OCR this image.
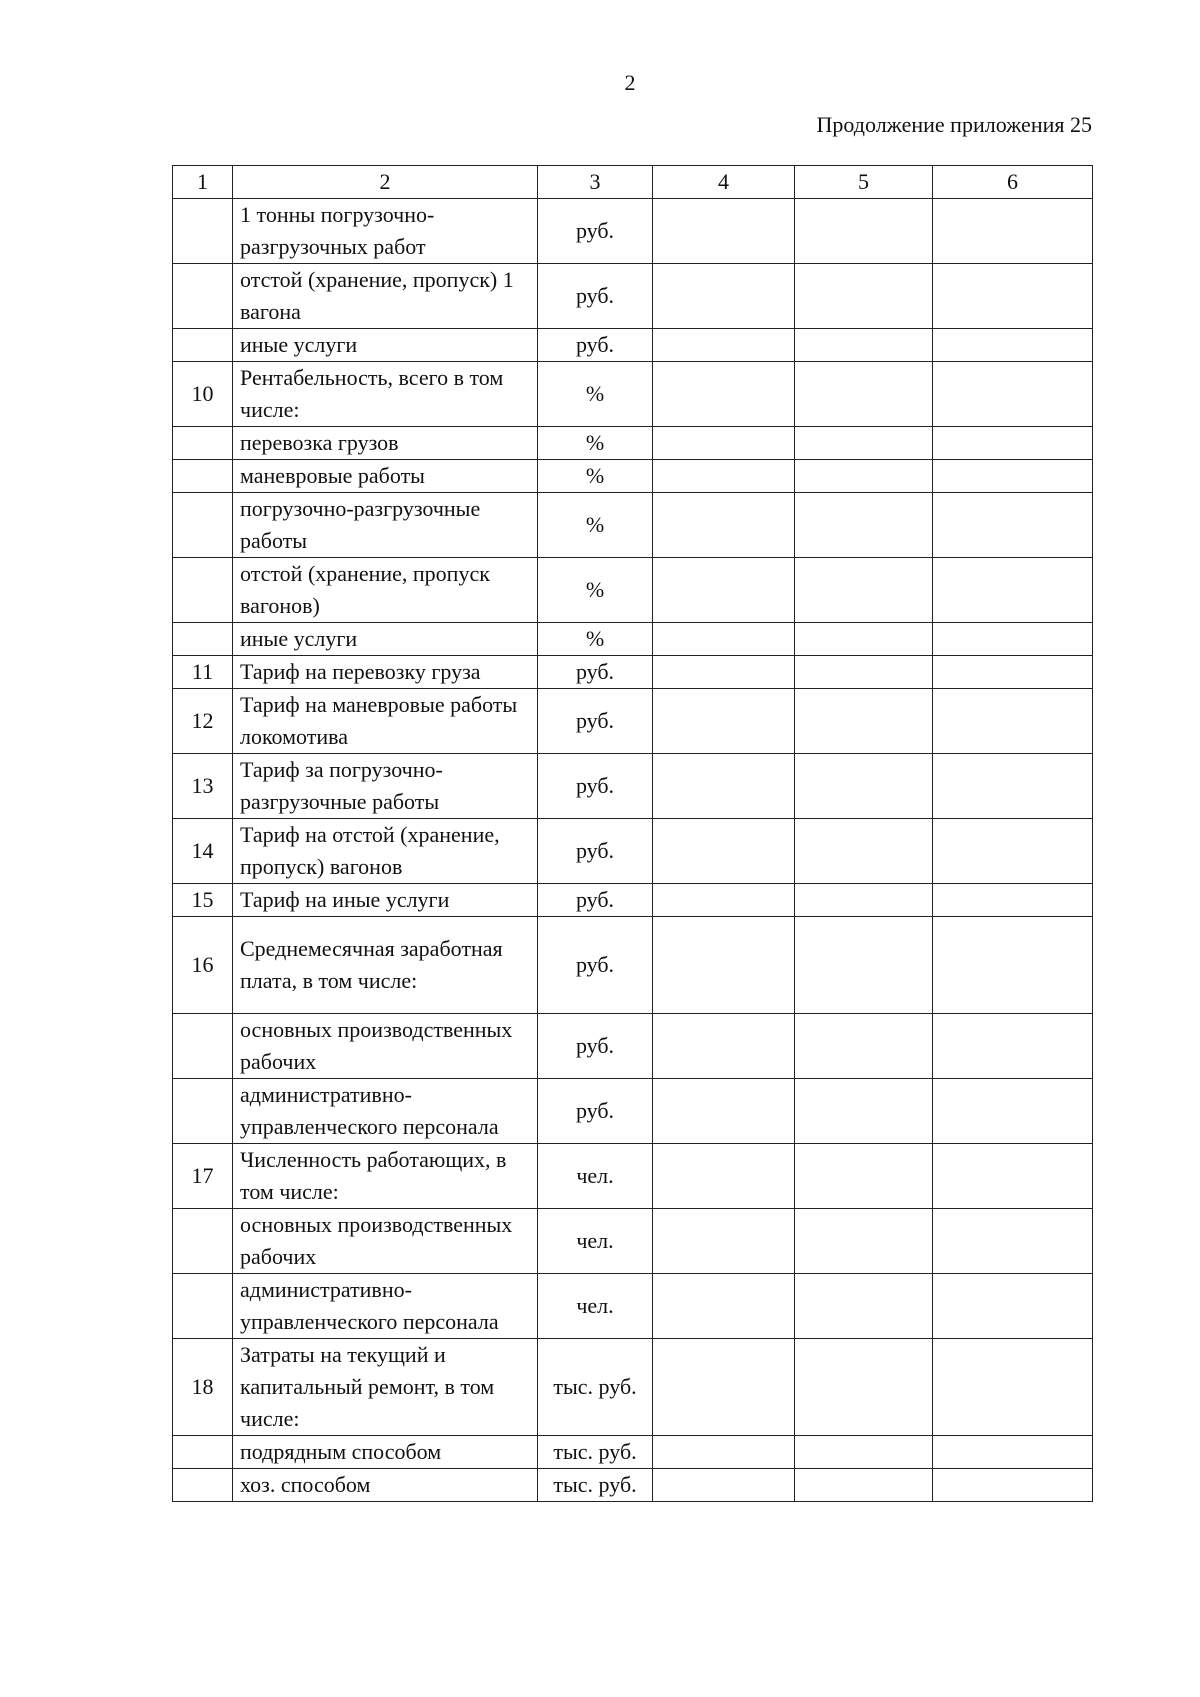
2
Продолжение приложения 25
1	2	3	4	5	6
	1 тонны погрузочно-разгрузочных работ	руб.			
	отстой (хранение, пропуск) 1 вагона	руб.			
	иные услуги	руб.			
10	Рентабельность, всего в том числе:	%			
	перевозка грузов	%			
	маневровые работы	%			
	погрузочно-разгрузочные работы	%			
	отстой (хранение, пропуск вагонов)	%			
	иные услуги	%			
11	Тариф на перевозку груза	руб.			
12	Тариф на маневровые работы локомотива	руб.			
13	Тариф за погрузочно-разгрузочные работы	руб.			
14	Тариф на отстой (хранение, пропуск) вагонов	руб.			
15	Тариф на иные услуги	руб.			
16	Среднемесячная заработная плата, в том числе:	руб.			
	основных производственных рабочих	руб.			
	административно-управленческого персонала	руб.			
17	Численность работающих, в том числе:	чел.			
	основных производственных рабочих	чел.			
	административно-управленческого персонала	чел.			
18	Затраты на текущий и капитальный ремонт, в том числе:	тыс. руб.			
	подрядным способом	тыс. руб.			
	хоз. способом	тыс. руб.			
